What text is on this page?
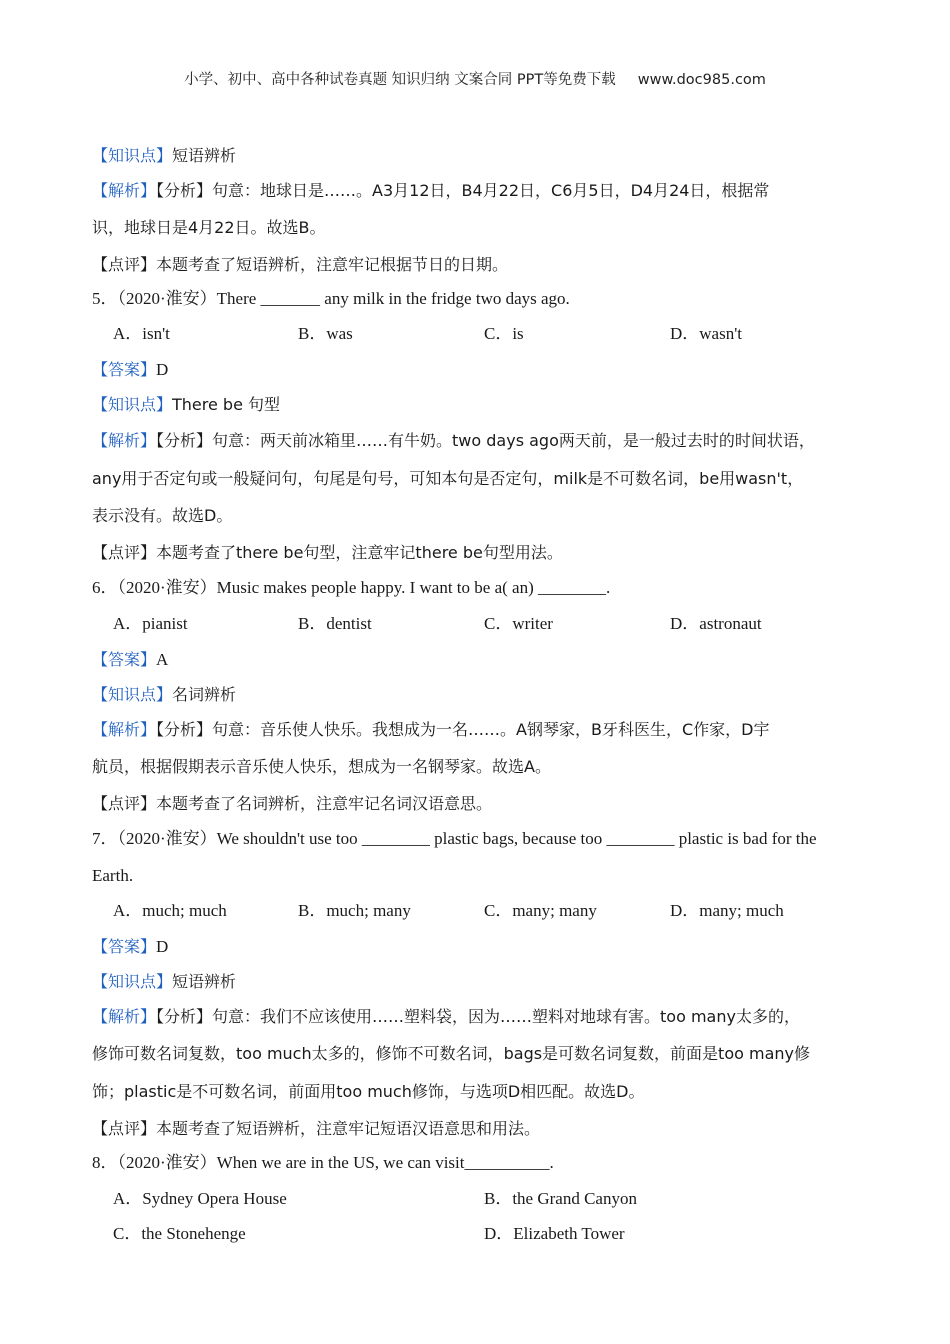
小学、初中、高中各种试卷真题 知识归纳 文案合同 PPT等免费下载 www.doc985.com
【知识点】短语辨析
【解析】【分析】句意：地球日是……。A3月12日，B4月22日，C6月5日，D4月24日，根据常
识，地球日是4月22日。故选B。
【点评】本题考查了短语辨析，注意牢记根据节日的日期。
5．（2020·淮安）There _______ any milk in the fridge two days ago.
A．isn't	B．was	C．is	D．wasn't
【答案】D
【知识点】There be 句型
【解析】【分析】句意：两天前冰箱里……有牛奶。two days ago两天前，是一般过去时的时间状语，
any用于否定句或一般疑问句，句尾是句号，可知本句是否定句，milk是不可数名词，be用wasn't，
表示没有。故选D。
【点评】本题考查了there be句型，注意牢记there be句型用法。
6．（2020·淮安）Music makes people happy. I want to be a( an) ________.
A．pianist	B．dentist	C．writer	D．astronaut
【答案】A
【知识点】名词辨析
【解析】【分析】句意：音乐使人快乐。我想成为一名……。A钢琴家，B牙科医生，C作家，D宇
航员，根据假期表示音乐使人快乐，想成为一名钢琴家。故选A。
【点评】本题考查了名词辨析，注意牢记名词汉语意思。
7．（2020·淮安）We shouldn't use too ________ plastic bags, because too ________ plastic is bad for the
Earth.
A．much; much	B．much; many	C．many; many	D．many; much
【答案】D
【知识点】短语辨析
【解析】【分析】句意：我们不应该使用……塑料袋，因为……塑料对地球有害。too many太多的，
修饰可数名词复数，too much太多的，修饰不可数名词，bags是可数名词复数，前面是too many修
饰；plastic是不可数名词，前面用too much修饰，与选项D相匹配。故选D。
【点评】本题考查了短语辨析，注意牢记短语汉语意思和用法。
8．（2020·淮安）When we are in the US, we can visit__________.
A．Sydney Opera House	B．the Grand Canyon
C．the Stonehenge	D．Elizabeth Tower
